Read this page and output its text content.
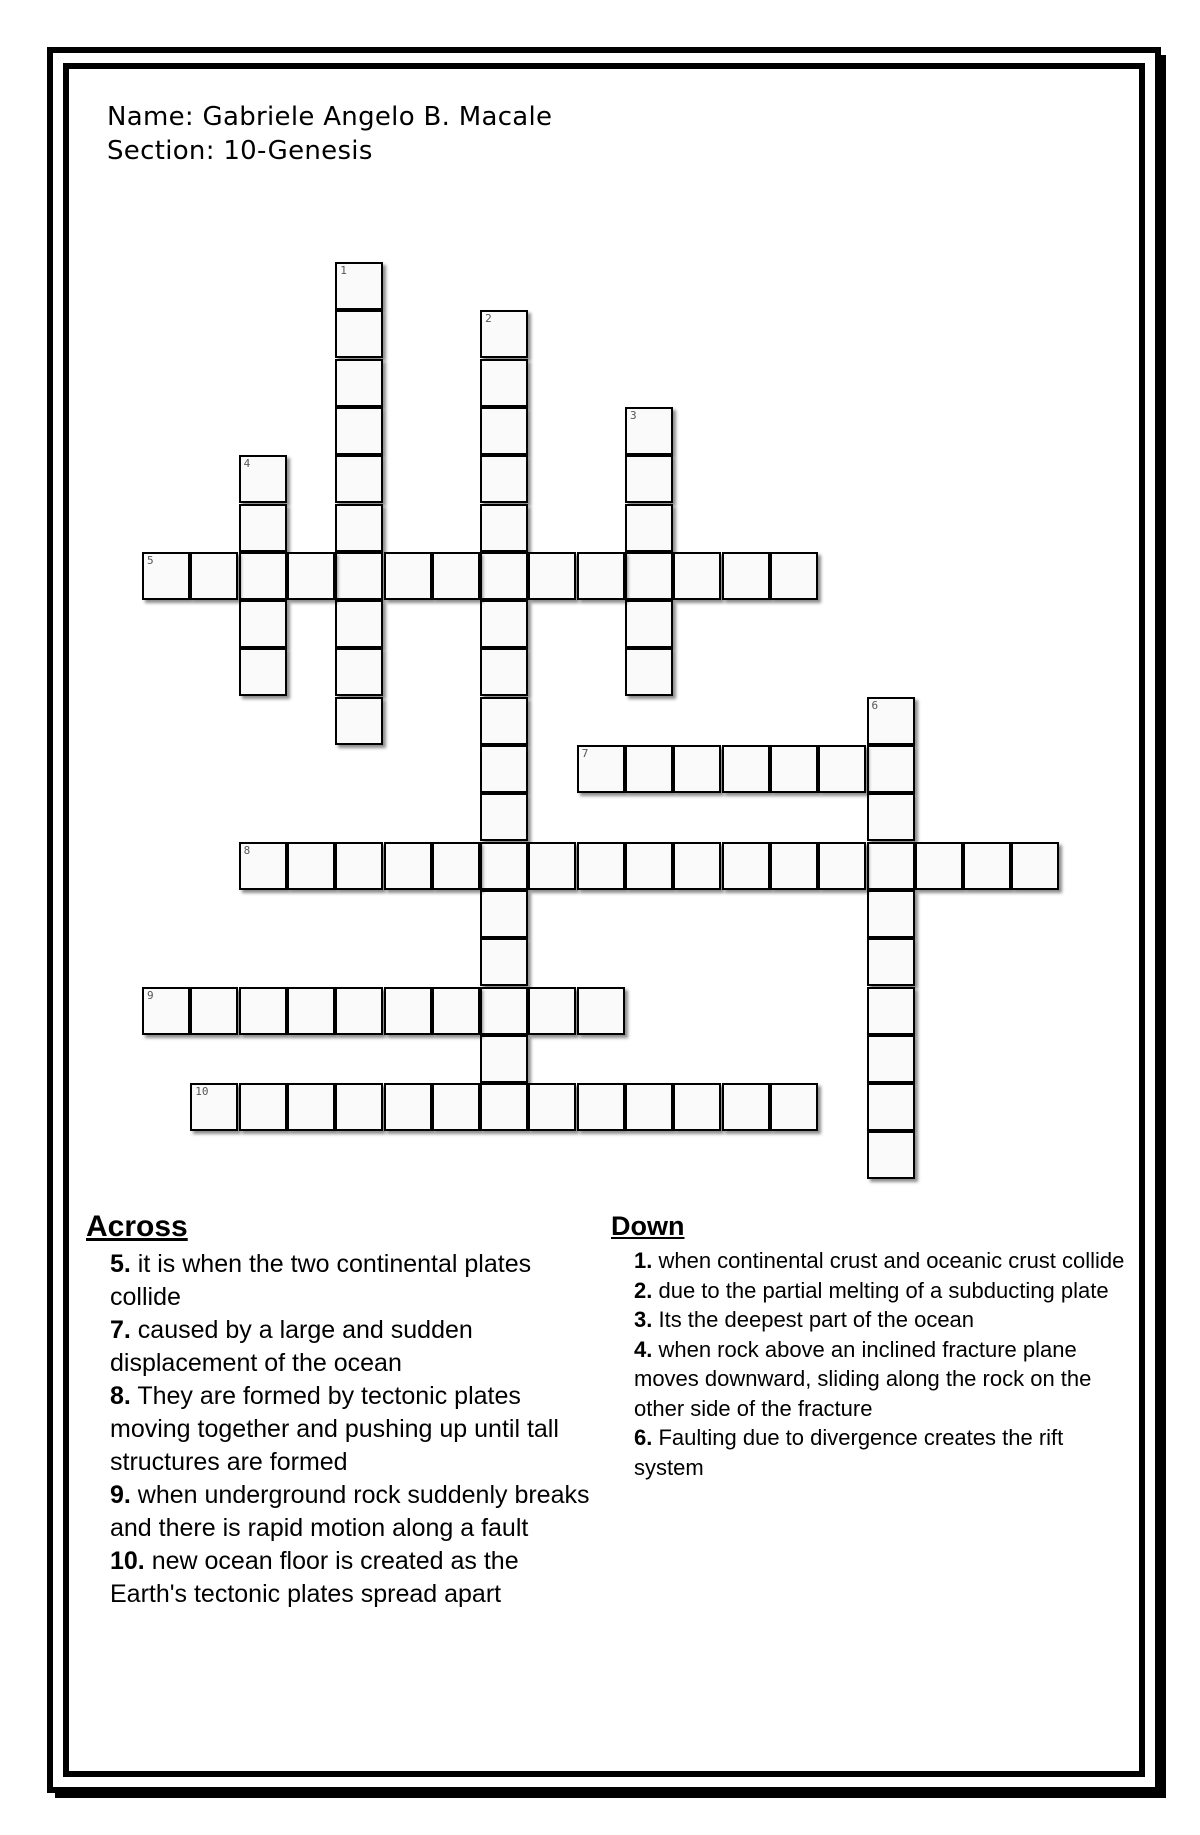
Name: Gabriele Angelo B. Macale
Section: 10-Genesis
1
2
3
4
5
6
7
8
9
10
Across
5. it is when the two continental plates collide
7. caused by a large and sudden displacement of the ocean
8. They are formed by tectonic plates moving together and pushing up until tall structures are formed
9. when underground rock suddenly breaks and there is rapid motion along a fault
10. new ocean floor is created as the Earth's tectonic plates spread apart
Down
1. when continental crust and oceanic crust collide
2. due to the partial melting of a subducting plate
3. Its the deepest part of the ocean
4. when rock above an inclined fracture plane moves downward, sliding along the rock on the other side of the fracture
6. Faulting due to divergence creates the rift system
